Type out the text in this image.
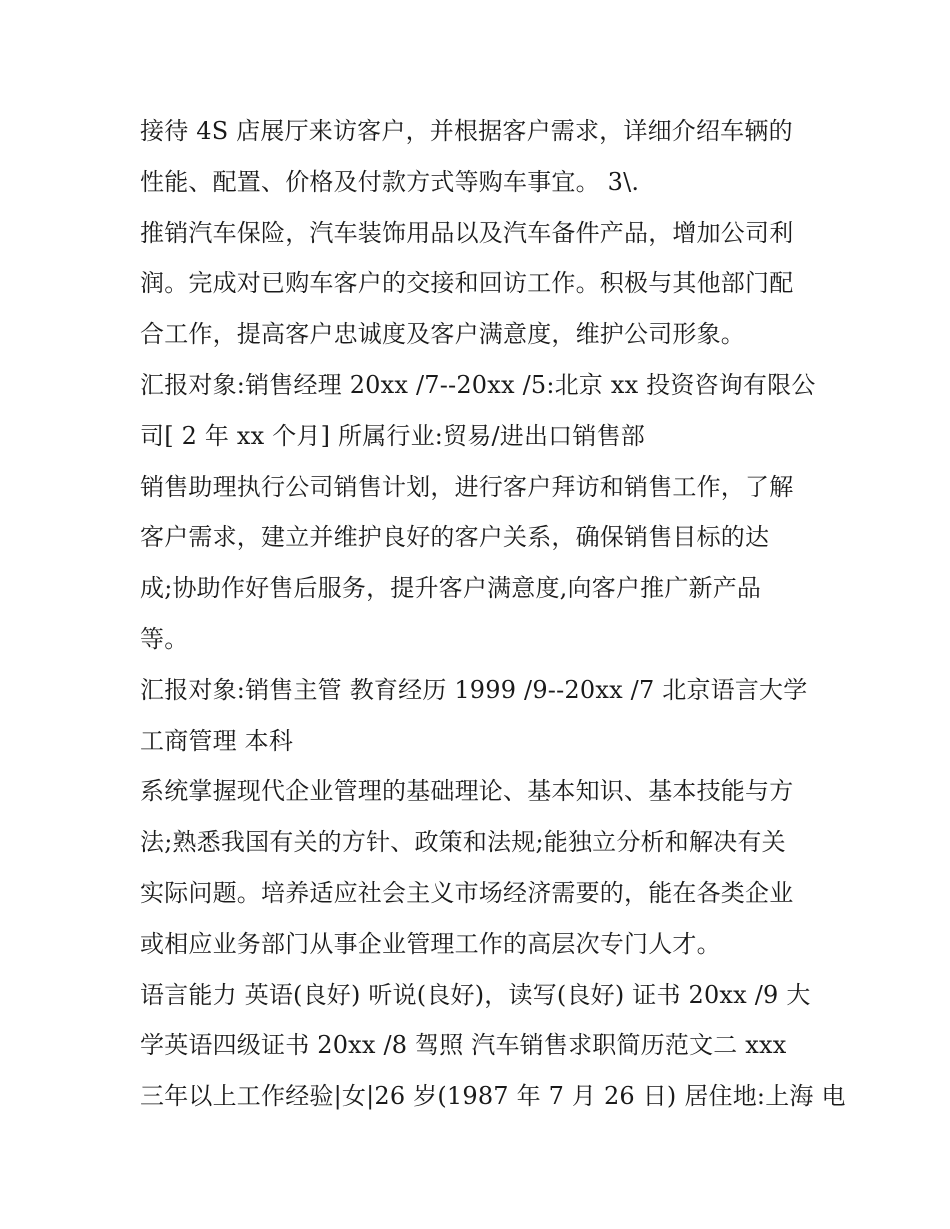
接待 4S 店展厅来访客户，并根据客户需求，详细介绍车辆的
性能、配置、价格及付款方式等购车事宜。 3\.
推销汽车保险，汽车装饰用品以及汽车备件产品，增加公司利
润。完成对已购车客户的交接和回访工作。积极与其他部门配
合工作，提高客户忠诚度及客户满意度，维护公司形象。
汇报对象:销售经理 20xx /7--20xx /5:北京 xx 投资咨询有限公
司[ 2 年 xx 个月] 所属行业:贸易/进出口销售部
销售助理执行公司销售计划，进行客户拜访和销售工作，了解
客户需求，建立并维护良好的客户关系，确保销售目标的达
成;协助作好售后服务，提升客户满意度,向客户推广新产品
等。
汇报对象:销售主管 教育经历 1999 /9--20xx /7 北京语言大学
工商管理 本科
系统掌握现代企业管理的基础理论、基本知识、基本技能与方
法;熟悉我国有关的方针、政策和法规;能独立分析和解决有关
实际问题。培养适应社会主义市场经济需要的，能在各类企业
或相应业务部门从事企业管理工作的高层次专门人才。
语言能力 英语(良好) 听说(良好)，读写(良好) 证书 20xx /9 大
学英语四级证书 20xx /8 驾照 汽车销售求职简历范文二 xxx
三年以上工作经验|女|26 岁(1987 年 7 月 26 日) 居住地:上海 电
